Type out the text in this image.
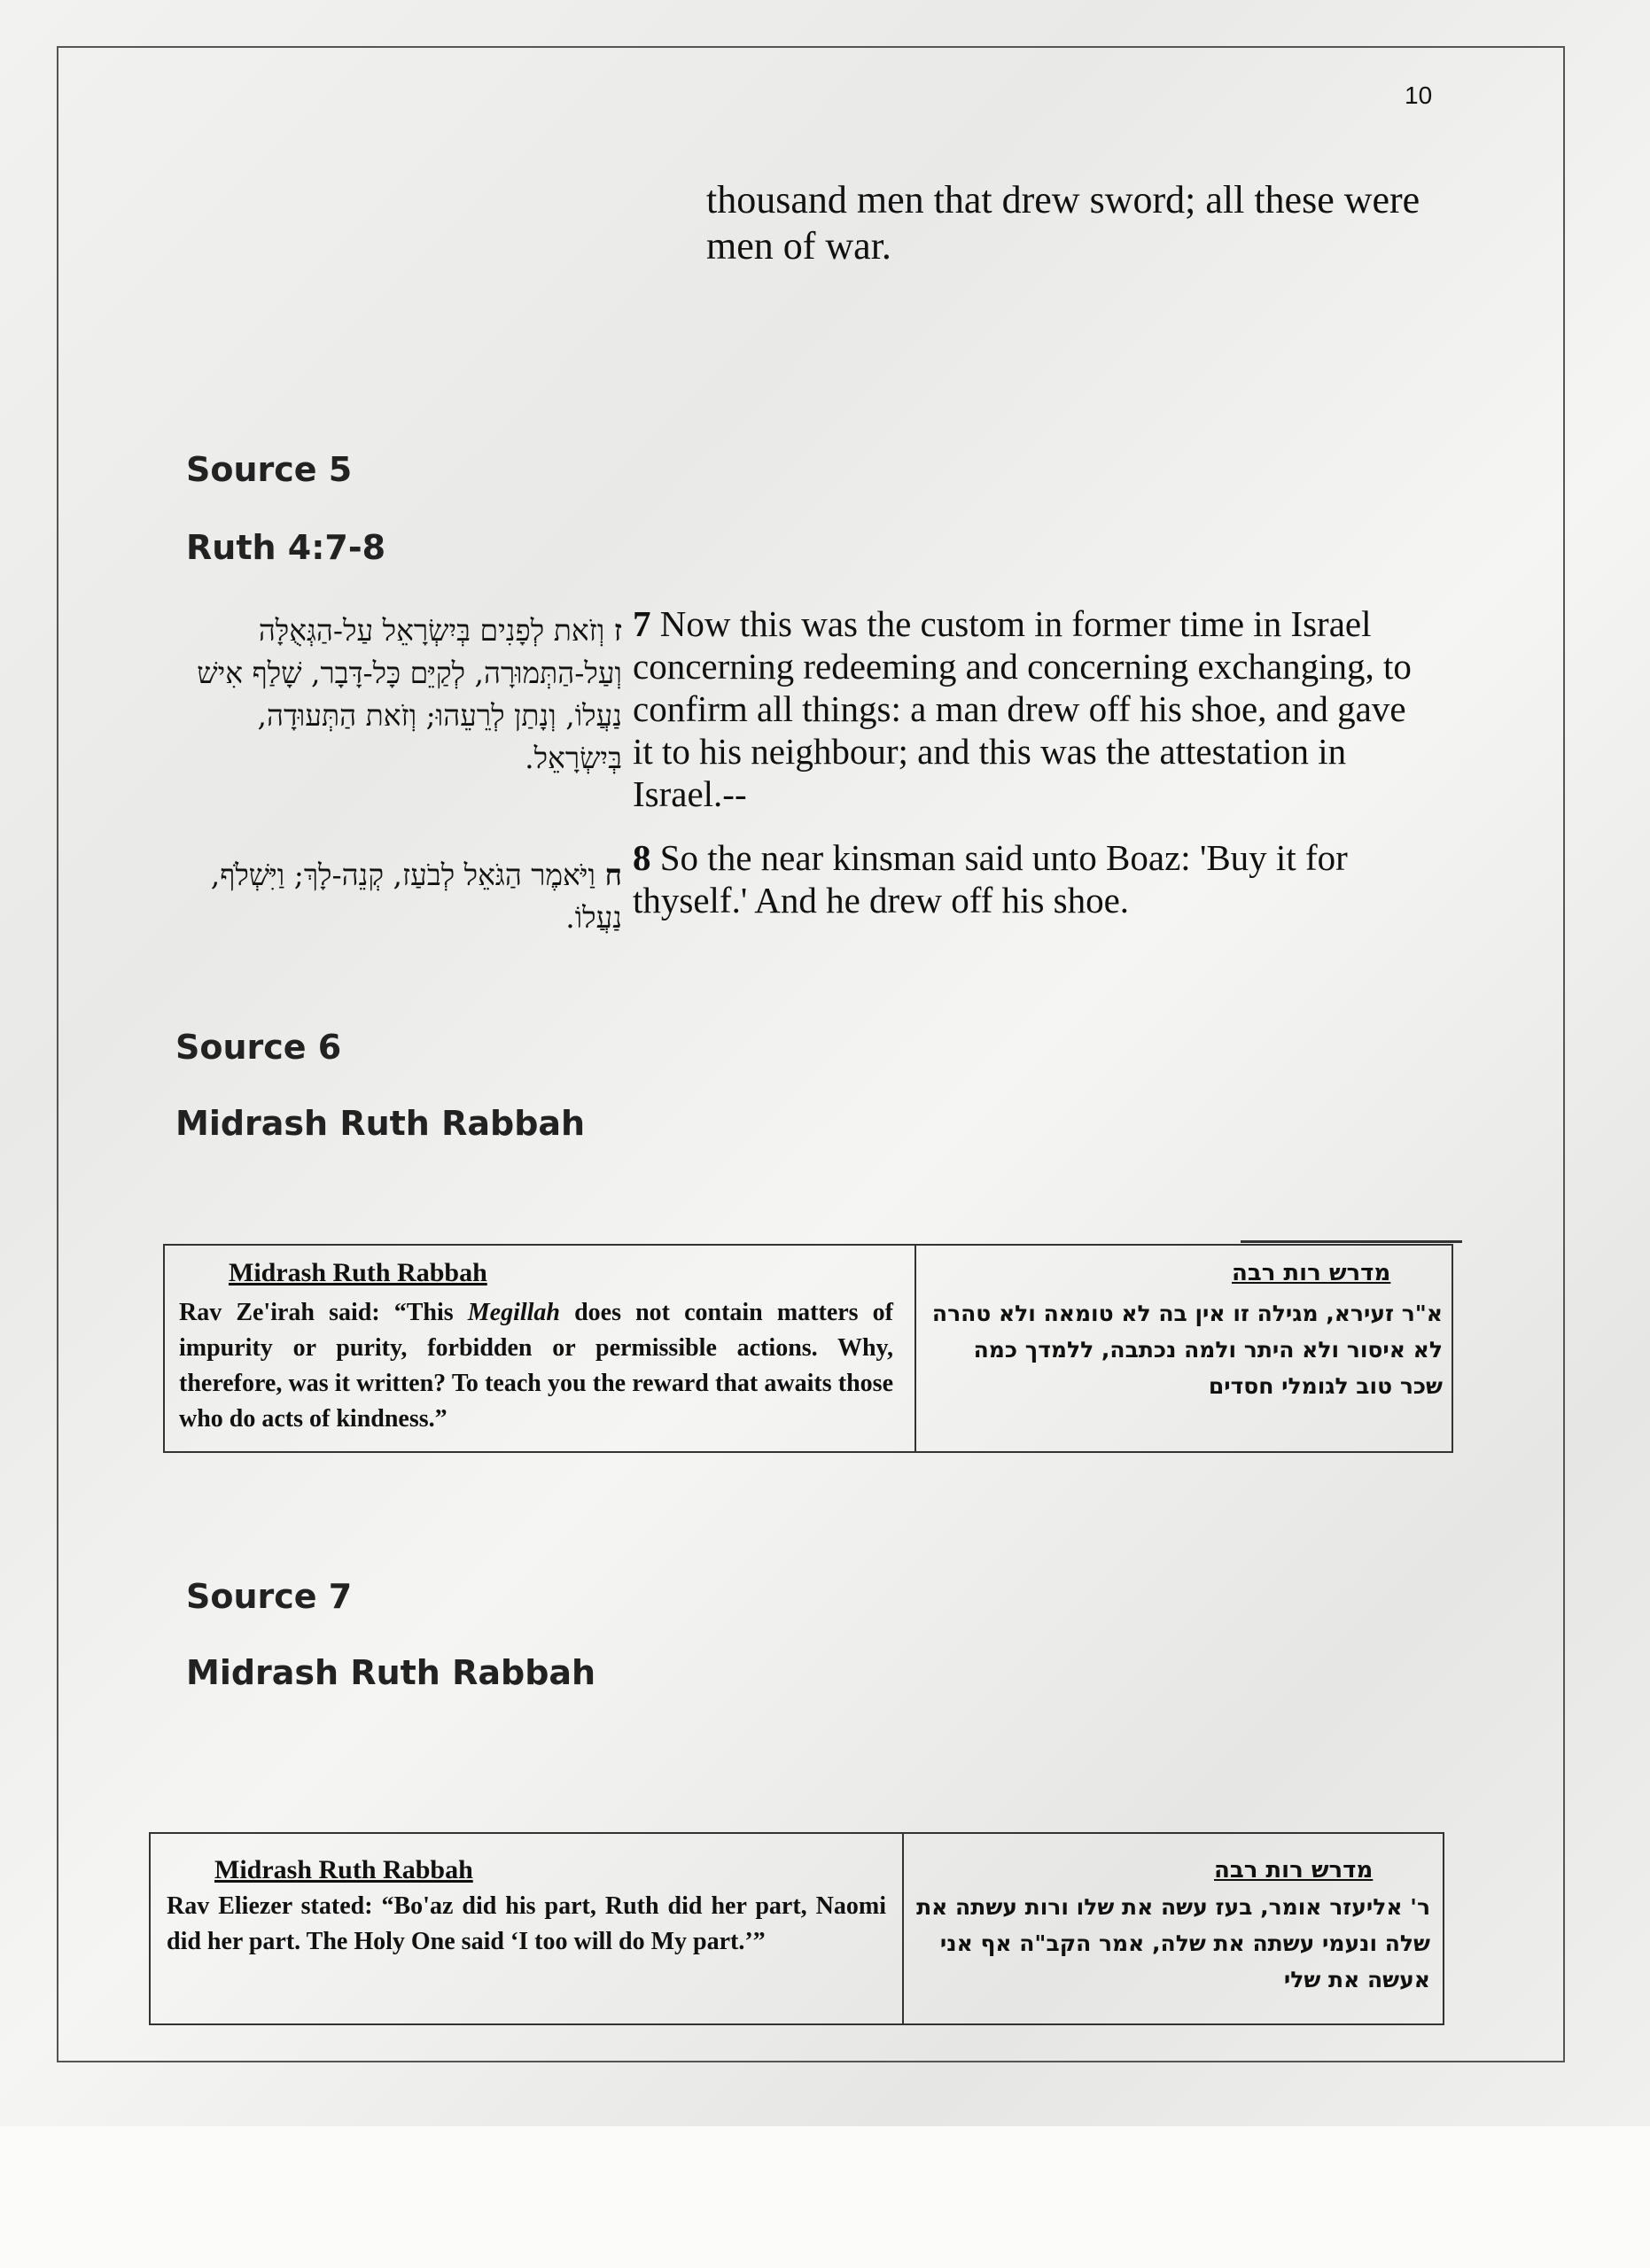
10
thousand men that drew sword; all these were men of war.
Source 5
Ruth 4:7-8
ז וְזֹאת לְפָנִים בְּיִשְׂרָאֵל עַל-הַגְּאֻלָּה וְעַל-הַתְּמוּרָה, לְקַיֵּם כָּל-דָּבָר, שָׁלַף אִישׁ נַעֲלוֹ, וְנָתַן לְרֵעֵהוּ; וְזֹאת הַתְּעוּדָה, בְּיִשְׂרָאֵל.
ח וַיֹּאמֶר הַגֹּאֵל לְבֹעַז, קְנֵה-לָךְ; וַיִּשְׁלֹף, נַעֲלוֹ.
7 Now this was the custom in former time in Israel concerning redeeming and concerning exchanging, to confirm all things: a man drew off his shoe, and gave it to his neighbour; and this was the attestation in Israel.--
8 So the near kinsman said unto Boaz: 'Buy it for thyself.' And he drew off his shoe.
Source 6
Midrash Ruth Rabbah
Midrash Ruth Rabbah
Rav Ze'irah said: “This Megillah does not contain matters of impurity or purity, forbidden or permissible actions. Why, therefore, was it written? To teach you the reward that awaits those who do acts of kindness.”
מדרש רות רבה
א"ר זעירא, מגילה זו אין בה לא טומאה ולא טהרה לא איסור ולא היתר ולמה נכתבה, ללמדך כמה שכר טוב לגומלי חסדים
Source 7
Midrash Ruth Rabbah
Midrash Ruth Rabbah
Rav Eliezer stated: “Bo'az did his part, Ruth did her part, Naomi did her part. The Holy One said ‘I too will do My part.’”
מדרש רות רבה
ר' אליעזר אומר, בעז עשה את שלו ורות עשתה את שלה ונעמי עשתה את שלה, אמר הקב"ה אף אני אעשה את שלי
